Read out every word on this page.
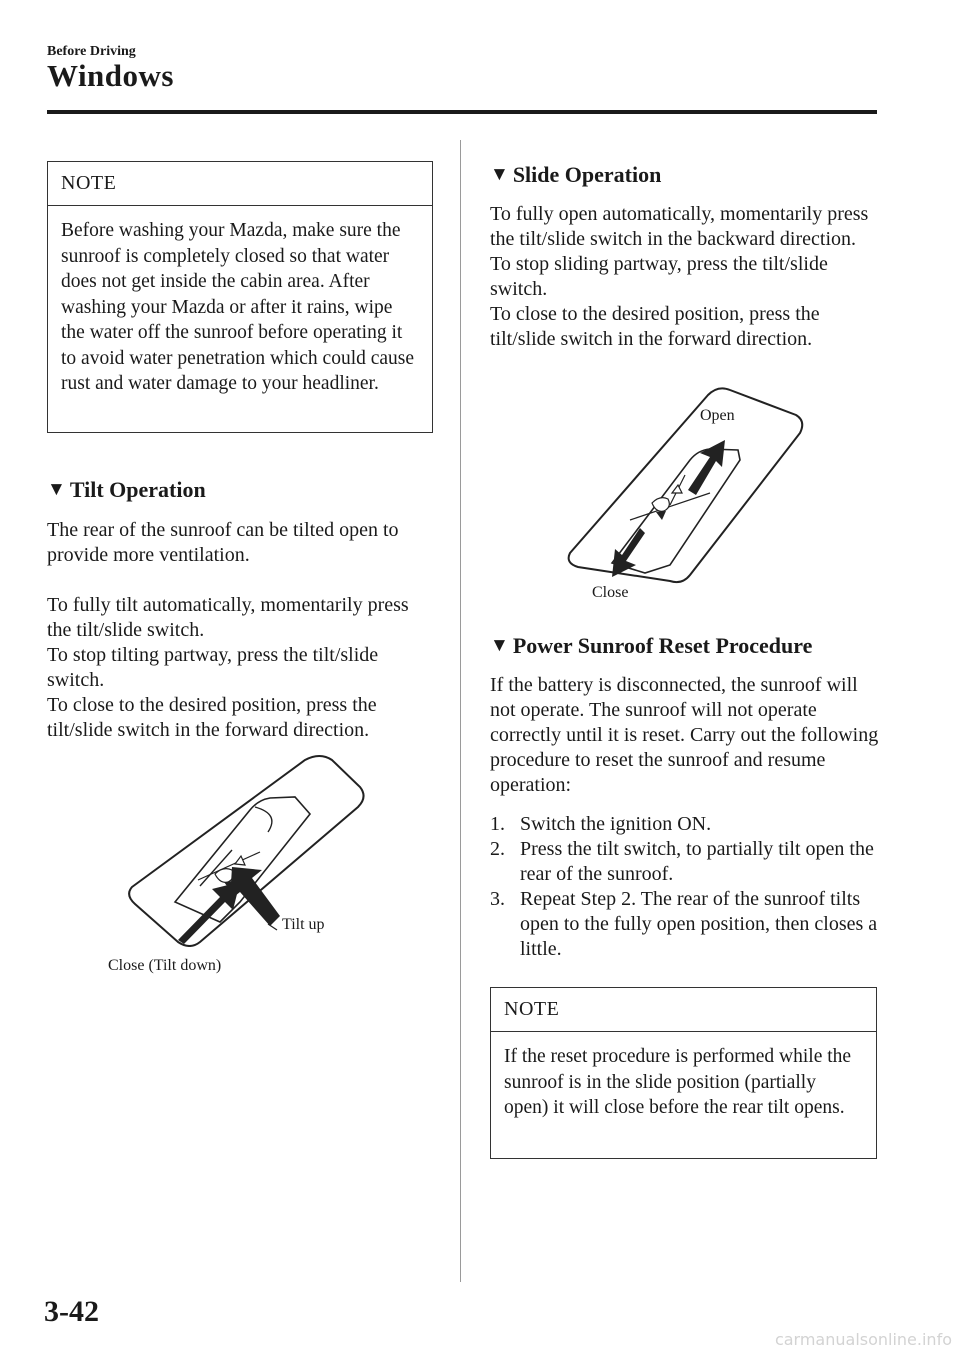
Before Driving
Windows
NOTE
Before washing your Mazda, make sure the sunroof is completely closed so that water does not get inside the cabin area. After washing your Mazda or after it rains, wipe the water off the sunroof before operating it to avoid water penetration which could cause rust and water damage to your headliner.
▼ Tilt Operation
The rear of the sunroof can be tilted open to provide more ventilation.
To fully tilt automatically, momentarily press the tilt/slide switch.
To stop tilting partway, press the tilt/slide switch.
To close to the desired position, press the tilt/slide switch in the forward direction.
Tilt up
Close (Tilt down)
▼ Slide Operation
To fully open automatically, momentarily press the tilt/slide switch in the backward direction.
To stop sliding partway, press the tilt/slide switch.
To close to the desired position, press the tilt/slide switch in the forward direction.
Open
Close
▼ Power Sunroof Reset Procedure
If the battery is disconnected, the sunroof will not operate. The sunroof will not operate correctly until it is reset. Carry out the following procedure to reset the sunroof and resume operation:
1. Switch the ignition ON.
2. Press the tilt switch, to partially tilt open the rear of the sunroof.
3. Repeat Step 2. The rear of the sunroof tilts open to the fully open position, then closes a little.
NOTE
If the reset procedure is performed while the sunroof is in the slide position (partially open) it will close before the rear tilt opens.
3-42
carmanualsonline.info
